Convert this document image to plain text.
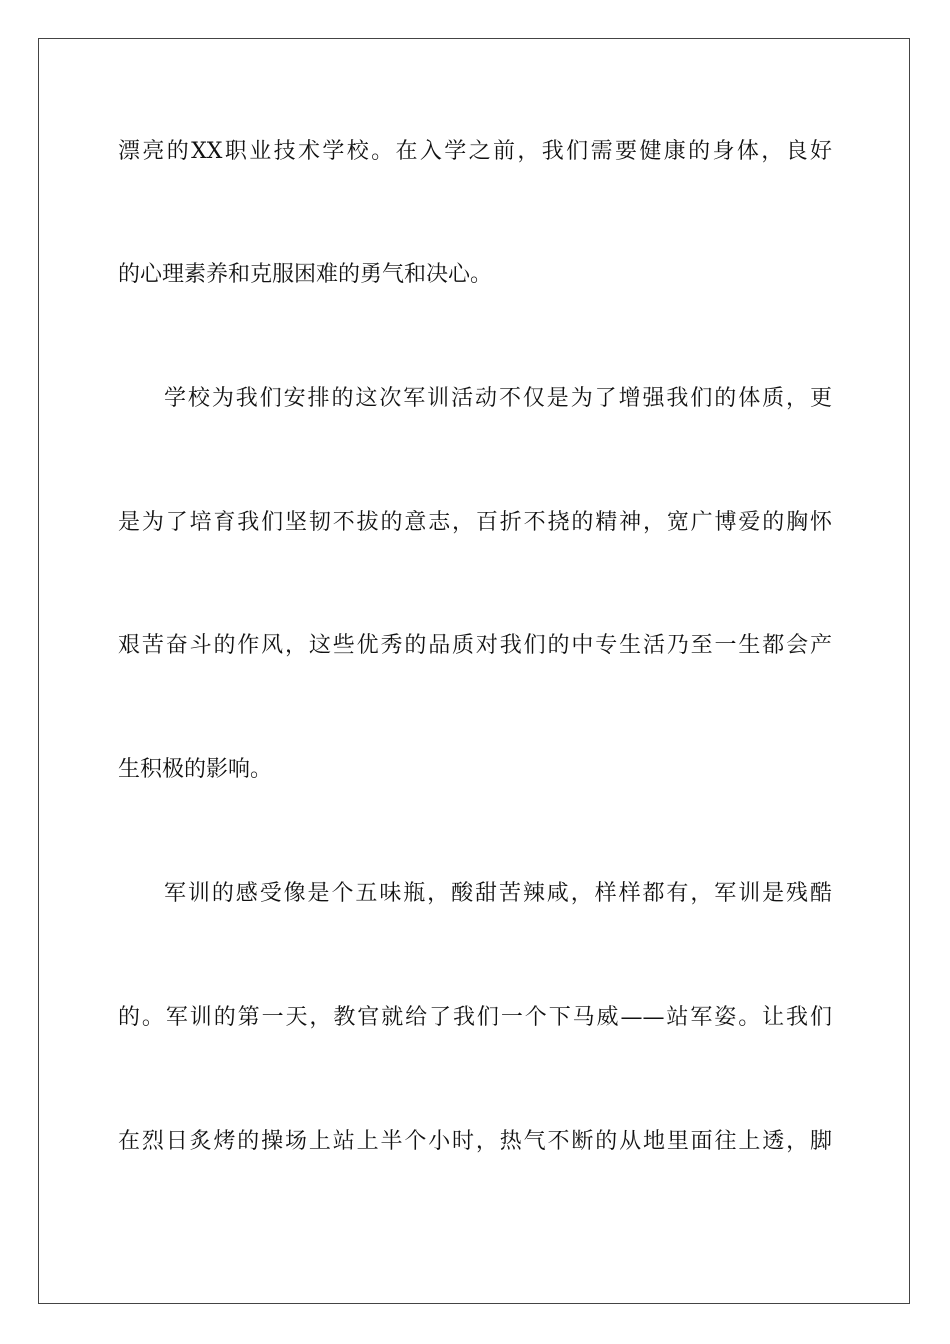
漂亮的XX职业技术学校。在入学之前，我们需要健康的身体，良好
的心理素养和克服困难的勇气和决心。
学校为我们安排的这次军训活动不仅是为了增强我们的体质，更
是为了培育我们坚韧不拔的意志，百折不挠的精神，宽广博爱的胸怀
艰苦奋斗的作风，这些优秀的品质对我们的中专生活乃至一生都会产
生积极的影响。
军训的感受像是个五味瓶，酸甜苦辣咸，样样都有，军训是残酷
的。军训的第一天，教官就给了我们一个下马威——站军姿。让我们
在烈日炙烤的操场上站上半个小时，热气不断的从地里面往上透，脚
